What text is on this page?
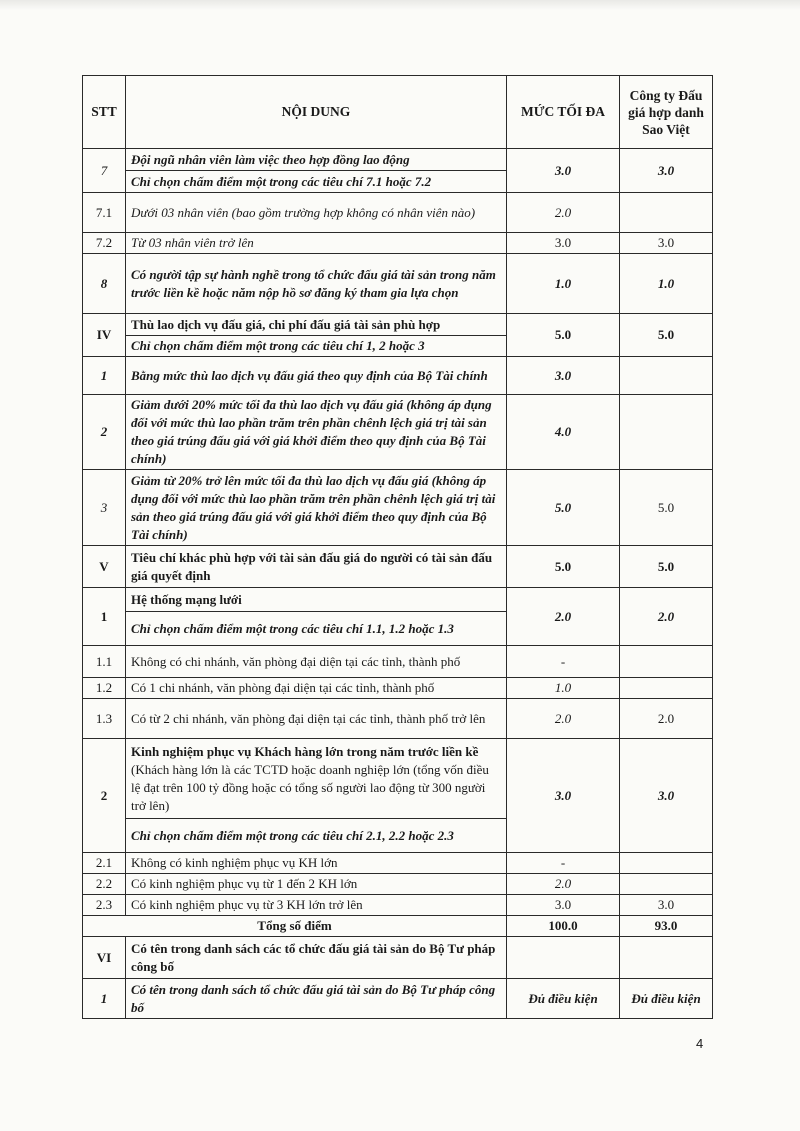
STT	NỘI DUNG	MỨC TỐI ĐA	Công ty Đấu giá hợp danh Sao Việt
7	Đội ngũ nhân viên làm việc theo hợp đồng lao động	3.0	3.0
	Chỉ chọn chấm điểm một trong các tiêu chí 7.1 hoặc 7.2		
7.1	Dưới 03 nhân viên (bao gồm trường hợp không có nhân viên nào)	2.0	
7.2	Từ 03 nhân viên trở lên	3.0	3.0
8	Có người tập sự hành nghề trong tổ chức đấu giá tài sản trong năm trước liền kề hoặc năm nộp hồ sơ đăng ký tham gia lựa chọn	1.0	1.0
IV	Thù lao dịch vụ đấu giá, chi phí đấu giá tài sản phù hợp	5.0	5.0
	Chỉ chọn chấm điểm một trong các tiêu chí 1, 2 hoặc 3		
1	Bằng mức thù lao dịch vụ đấu giá theo quy định của Bộ Tài chính	3.0	
2	Giảm dưới 20% mức tối đa thù lao dịch vụ đấu giá (không áp dụng đối với mức thù lao phần trăm trên phần chênh lệch giá trị tài sản theo giá trúng đấu giá với giá khởi điểm theo quy định của Bộ Tài chính)	4.0	
3	Giảm từ 20% trở lên mức tối đa thù lao dịch vụ đấu giá (không áp dụng đối với mức thù lao phần trăm trên phần chênh lệch giá trị tài sản theo giá trúng đấu giá với giá khởi điểm theo quy định của Bộ Tài chính)	5.0	5.0
V	Tiêu chí khác phù hợp với tài sản đấu giá do người có tài sản đấu giá quyết định	5.0	5.0
1	Hệ thống mạng lưới	2.0	2.0
	Chỉ chọn chấm điểm một trong các tiêu chí 1.1, 1.2 hoặc 1.3		
1.1	Không có chi nhánh, văn phòng đại diện tại các tỉnh, thành phố	-	
1.2	Có 1 chi nhánh, văn phòng đại diện tại các tỉnh, thành phố	1.0	
1.3	Có từ 2 chi nhánh, văn phòng đại diện tại các tỉnh, thành phố trở lên	2.0	2.0
2	Kinh nghiệm phục vụ Khách hàng lớn trong năm trước liền kề (Khách hàng lớn là các TCTD hoặc doanh nghiệp lớn (tổng vốn điều lệ đạt trên 100 tỷ đồng hoặc có tổng số người lao động từ 300 người trở lên)	3.0	3.0
	Chỉ chọn chấm điểm một trong các tiêu chí 2.1, 2.2 hoặc 2.3		
2.1	Không có kinh nghiệm phục vụ KH lớn	-	
2.2	Có kinh nghiệm phục vụ từ 1 đến 2 KH lớn	2.0	
2.3	Có kinh nghiệm phục vụ từ 3 KH lớn trở lên	3.0	3.0
Tổng số điểm		100.0	93.0
VI	Có tên trong danh sách các tổ chức đấu giá tài sản do Bộ Tư pháp công bố		
1	Có tên trong danh sách tổ chức đấu giá tài sản do Bộ Tư pháp công bố	Đủ điều kiện	Đủ điều kiện
4
